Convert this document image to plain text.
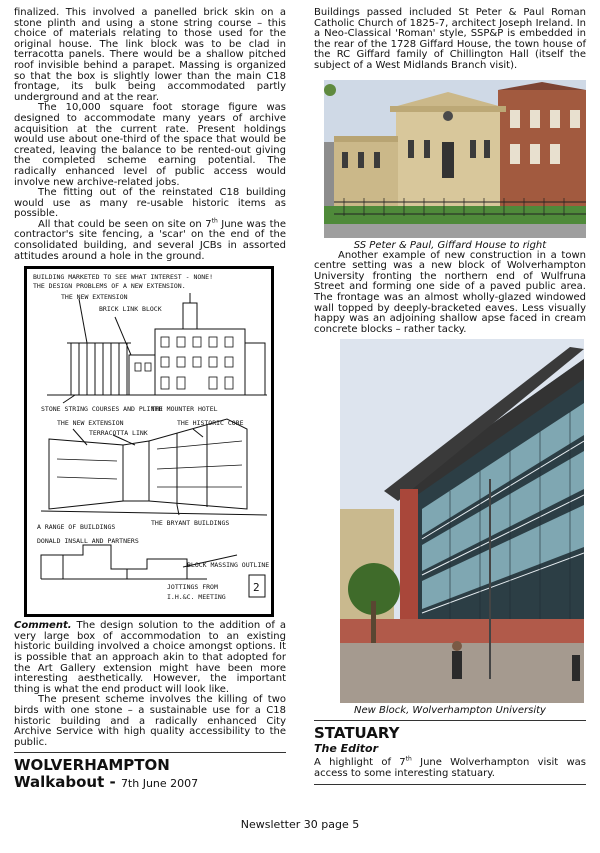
finalized. This involved a panelled brick skin on a stone plinth and using a stone string course – this choice of materials relating to those used for the original house. The link block was to be clad in terracotta panels. There would be a shallow pitched roof invisible behind a parapet. Massing is organized so that the box is slightly lower than the main C18 frontage, its bulk being accommodated partly underground and at the rear.

The 10,000 square foot storage figure was designed to accommodate many years of archive acquisition at the current rate. Present holdings would use about one-third of the space that would be created, leaving the balance to be rented-out giving the completed scheme earning potential. The radically enhanced level of public access would involve new archive-related jobs.

The fitting out of the reinstated C18 building would use as many re-usable historic items as possible.

All that could be seen on site on 7th June was the contractor's site fencing, a 'scar' on the end of the consolidated building, and several JCBs in assorted attitudes around a hole in the ground.

BUILDING MARKETED TO SEE WHAT INTEREST - NONE!
THE DESIGN PROBLEMS OF A NEW EXTENSION.
THE NEW EXTENSION
BRICK LINK BLOCK
STONE STRING COURSES AND PLINTH
THE MOUNTER HOTEL
THE NEW EXTENSION
TERRACOTTA LINK
THE HISTORIC CORE
THE BRYANT BUILDINGS
A RANGE OF BUILDINGS
DONALD INSALL AND PARTNERS
BLOCK MASSING OUTLINE
JOTTINGS FROM
I.H.&C. MEETING
2

Comment. The design solution to the addition of a very large box of accommodation to an existing historic building involved a choice amongst options. It is possible that an approach akin to that adopted for the Art Gallery extension might have been more interesting aesthetically. However, the important thing is what the end product will look like.

The present scheme involves the killing of two birds with one stone – a sustainable use for a C18 historic building and a radically enhanced City Archive Service with high quality accessibility to the public.

WOLVERHAMPTON
Walkabout - 7th June 2007

Buildings passed included St Peter & Paul Roman Catholic Church of 1825-7, architect Joseph Ireland. In a Neo-Classical 'Roman' style, SSP&P is embedded in the rear of the 1728 Giffard House, the town house of the RC Giffard family of Chillington Hall (itself the subject of a West Midlands Branch visit).

SS Peter & Paul, Giffard House to right

Another example of new construction in a town centre setting was a new block of Wolverhampton University fronting the northern end of Wulfruna Street and forming one side of a paved public area. The frontage was an almost wholly-glazed windowed wall topped by deeply-bracketed eaves. Less visually happy was an adjoining shallow apse faced in cream concrete blocks – rather tacky.

New Block, Wolverhampton University
STATUARY
The Editor

A highlight of 7th June Wolverhampton visit was access to some interesting statuary.

Newsletter 30 page 5
